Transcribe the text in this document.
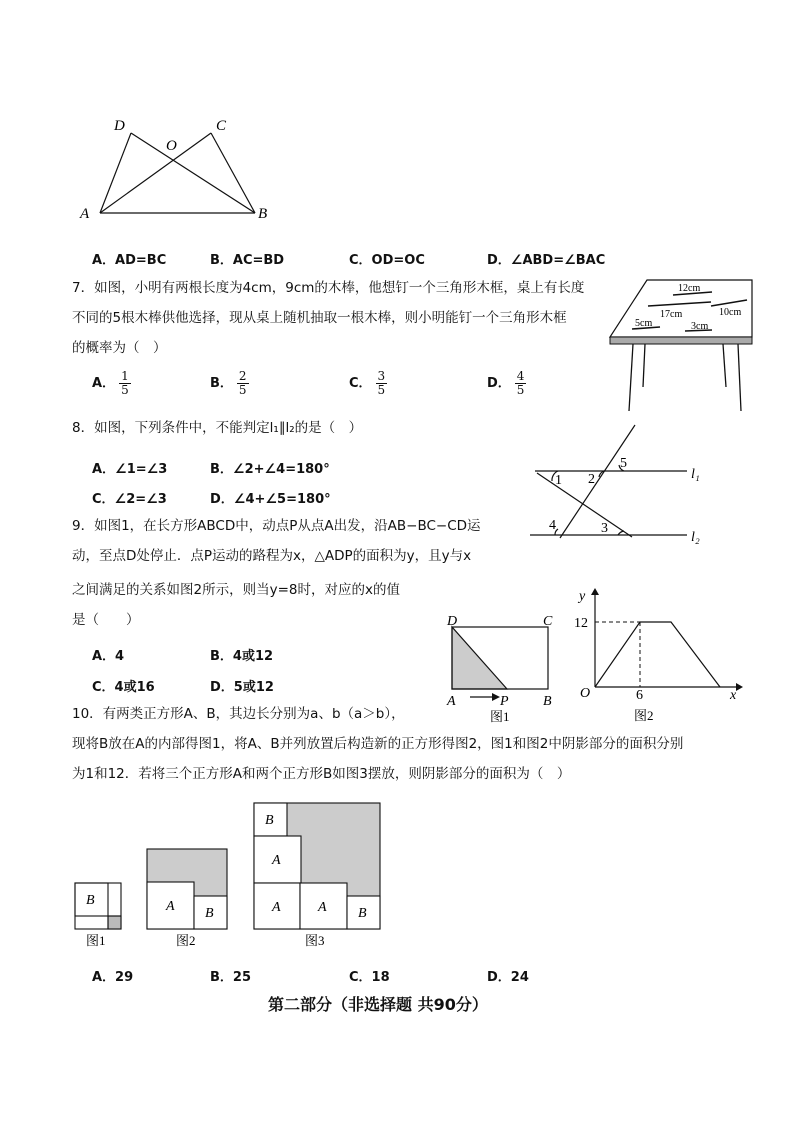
D
O
C
A	B
A．AD=BC	B．AC=BD	C．OD=OC	D．∠ABD=∠BAC
7．如图，小明有两根长度为4cm，9cm的木棒，他想钉一个三角形木框，桌上有长度
不同的5根木棒供他选择，现从桌上随机抽取一根木棒，则小明能钉一个三角形木框
的概率为（　）
A． $\frac{1}{5}$	B． $\frac{2}{5}$	C． $\frac{3}{5}$	D． $\frac{4}{5}$
12cm
17cm	10cm
5cm	3cm
8．如图，下列条件中，不能判定l₁∥l₂的是（　）
A．∠1=∠3	B．∠2+∠4=180°
C．∠2=∠3	D．∠4+∠5=180°
1 2
3
4
5
l₁
l₂
9．如图1，在长方形ABCD中，动点P从点A出发，沿AB−BC−CD运
动，至点D处停止．点P运动的路程为x，△ADP的面积为y，且y与x
之间满足的关系如图2所示，则当y=8时，对应的x的值
是（　　）
A．4	B．4或12
C．4或16	D．5或12
D	C
A	P B
图1
y
x
O
12
6
图2
10．有两类正方形A、B，其边长分别为a、b（a＞b），
现将B放在A的内部得图1，将A、B并列放置后构造新的正方形得图2，图1和图2中阴影部分的面积分别
为1和12．若将三个正方形A和两个正方形B如图3摆放，则阴影部分的面积为（　）
B	A B
B
A
A	A B
图1	图2	图3
A．29	B．25	C．18	D．24
第二部分（非选择题 共90分）
